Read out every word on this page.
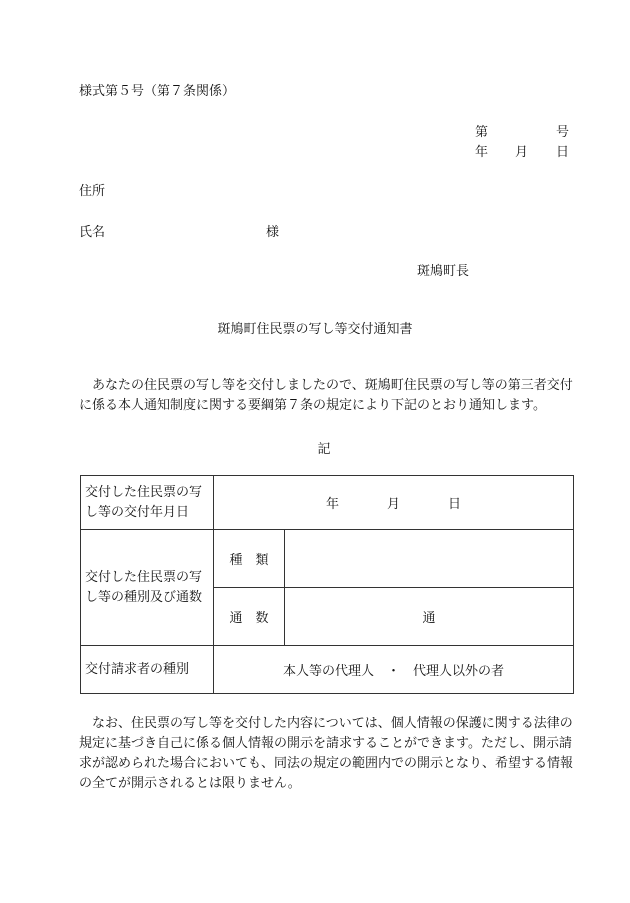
様式第５号（第７条関係）
第	号
年 月 日
住所
氏名	様
斑鳩町長
斑鳩町住民票の写し等交付通知書

あなたの住民票の写し等を交付しましたので、斑鳩町住民票の写し等の第三者交付に係る本人通知制度に関する要綱第７条の規定により下記のとおり通知します。

記
交付した住民票の写し等の交付年月日	年 月 日	
交付した住民票の写し等の種別及び通数	種　類	
	通　数	通
交付請求者の種別	本人等の代理人　・　代理人以外の者	

なお、住民票の写し等を交付した内容については、個人情報の保護に関する法律の規定に基づき自己に係る個人情報の開示を請求することができます。ただし、開示請求が認められた場合においても、同法の規定の範囲内での開示となり、希望する情報の全てが開示されるとは限りません。
